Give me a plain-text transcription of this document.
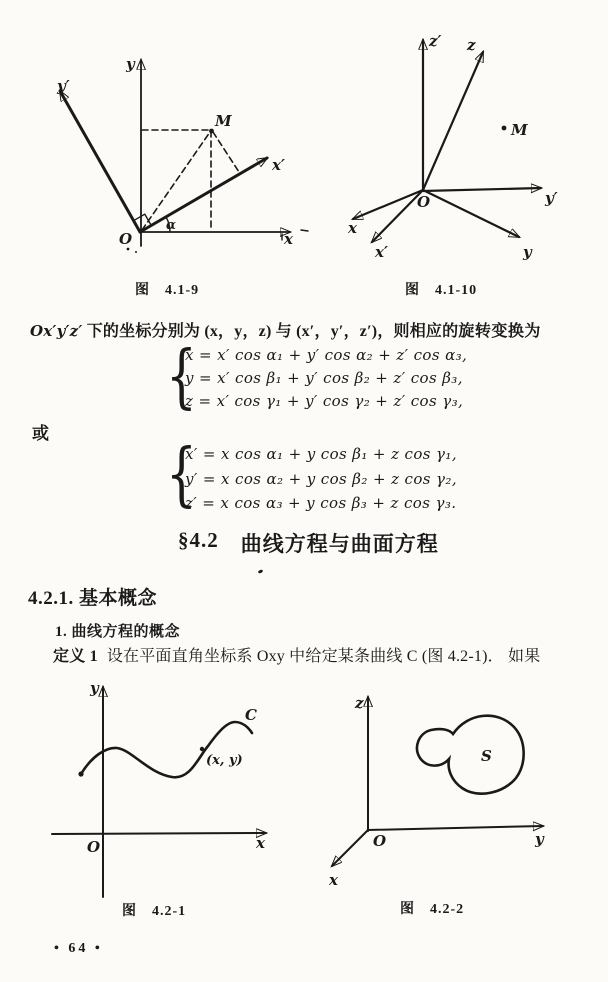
y
y′
x′
x
M
O
α
z′ z
y′
y
x
x′
M
O
图　4.1-9	图　4.1-10
Ox′y′z′ 下的坐标分别为 (x，y，z) 与 (x′，y′，z′)，则相应的旋转变换为
{

x = x′ cos α₁ + y′ cos α₂ + z′ cos α₃,

y = x′ cos β₁ + y′ cos β₂ + z′ cos β₃,

z = x′ cos γ₁ + y′ cos γ₂ + z′ cos γ₃,

或
{

x′ = x cos α₁ + y cos β₁ + z cos γ₁,

y′ = x cos α₂ + y cos β₂ + z cos γ₂,

z′ = x cos α₃ + y cos β₃ + z cos γ₃.

§4.2 曲线方程与曲面方程
4.2.1. 基本概念
1. 曲线方程的概念
定义 1 设在平面直角坐标系 Oxy 中给定某条曲线 C (图 4.2-1)． 如果
y
x
O
C
(x, y)
z
y
x
O
S
图　4.2-1	图　4.2-2
• 64 •
